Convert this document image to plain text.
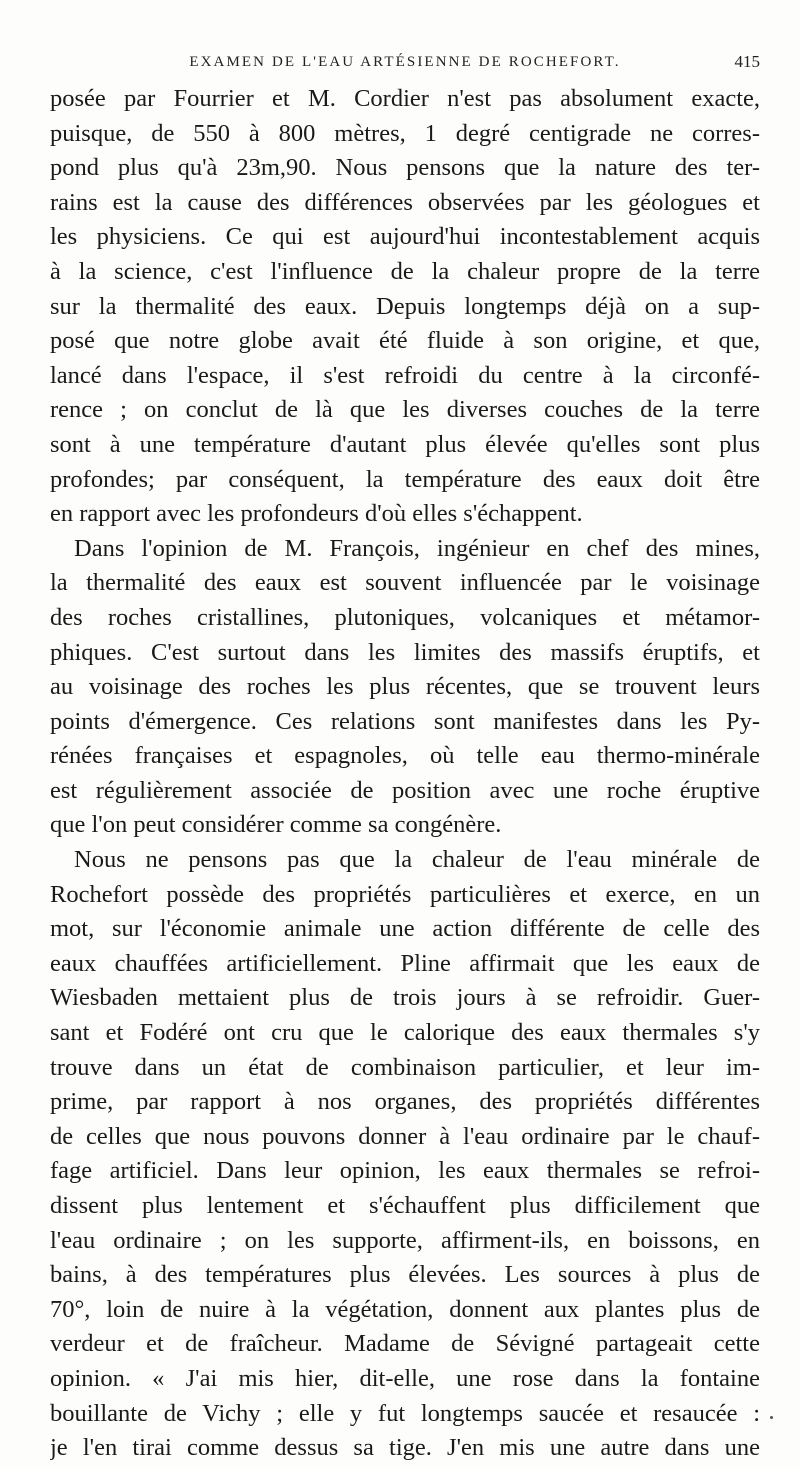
EXAMEN DE L'EAU ARTÉSIENNE DE ROCHEFORT.	415
posée par Fourrier et M. Cordier n'est pas absolument exacte,
puisque, de 550 à 800 mètres, 1 degré centigrade ne corres-
pond plus qu'à 23m,90. Nous pensons que la nature des ter-
rains est la cause des différences observées par les géologues et
les physiciens. Ce qui est aujourd'hui incontestablement acquis
à la science, c'est l'influence de la chaleur propre de la terre
sur la thermalité des eaux. Depuis longtemps déjà on a sup-
posé que notre globe avait été fluide à son origine, et que,
lancé dans l'espace, il s'est refroidi du centre à la circonfé-
rence ; on conclut de là que les diverses couches de la terre
sont à une température d'autant plus élevée qu'elles sont plus
profondes; par conséquent, la température des eaux doit être
en rapport avec les profondeurs d'où elles s'échappent.
Dans l'opinion de M. François, ingénieur en chef des mines,
la thermalité des eaux est souvent influencée par le voisinage
des roches cristallines, plutoniques, volcaniques et métamor-
phiques. C'est surtout dans les limites des massifs éruptifs, et
au voisinage des roches les plus récentes, que se trouvent leurs
points d'émergence. Ces relations sont manifestes dans les Py-
rénées françaises et espagnoles, où telle eau thermo-minérale
est régulièrement associée de position avec une roche éruptive
que l'on peut considérer comme sa congénère.
Nous ne pensons pas que la chaleur de l'eau minérale de
Rochefort possède des propriétés particulières et exerce, en un
mot, sur l'économie animale une action différente de celle des
eaux chauffées artificiellement. Pline affirmait que les eaux de
Wiesbaden mettaient plus de trois jours à se refroidir. Guer-
sant et Fodéré ont cru que le calorique des eaux thermales s'y
trouve dans un état de combinaison particulier, et leur im-
prime, par rapport à nos organes, des propriétés différentes
de celles que nous pouvons donner à l'eau ordinaire par le chauf-
fage artificiel. Dans leur opinion, les eaux thermales se refroi-
dissent plus lentement et s'échauffent plus difficilement que
l'eau ordinaire ; on les supporte, affirment-ils, en boissons, en
bains, à des températures plus élevées. Les sources à plus de
70°, loin de nuire à la végétation, donnent aux plantes plus de
verdeur et de fraîcheur. Madame de Sévigné partageait cette
opinion. « J'ai mis hier, dit-elle, une rose dans la fontaine
bouillante de Vichy ; elle y fut longtemps saucée et resaucée :
je l'en tirai comme dessus sa tige. J'en mis une autre dans une
